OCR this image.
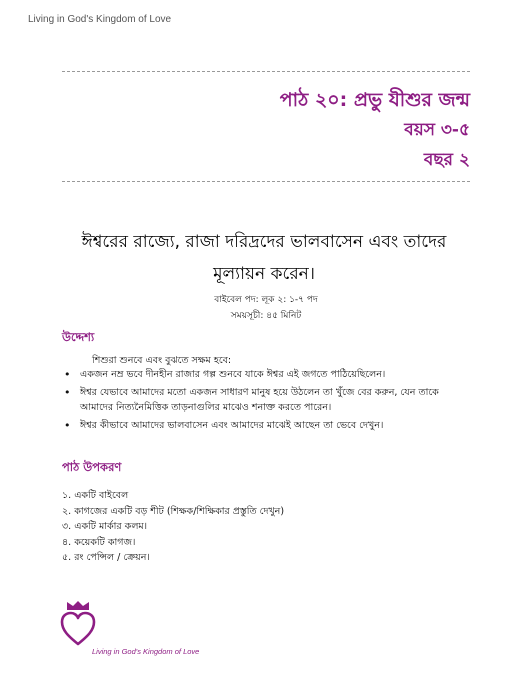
Living in God's Kingdom of Love
পাঠ ২০: প্রভু যীশুর জন্ম
বয়স ৩-৫
বছর ২
ঈশ্বরের রাজ্যে, রাজা দরিদ্রদের ভালবাসেন এবং তাদের
মূল্যায়ন করেন।
বাইবেল পদ: লূক ২: ১-৭ পদ
সময়সূচী: ৪৫ মিনিট
উদ্দেশ্য
শিশুরা শুনবে এবং বুঝতে সক্ষম হবে:
• একজন নম্র ভবে দীনহীন রাজার গল্প শুনবে যাকে ঈশ্বর এই জগতে পাঠিয়েছিলেন।
• ঈশ্বর যেভাবে আমাদের মতো একজন সাধারণ মানুষ হয়ে উঠলেন তা খুঁজে বের করুন, যেন তাকে আমাদের নিত্যনৈমিত্তিক তাড়নাগুলির মাঝেও শনাক্ত করতে পারেন।
• ঈশ্বর কীভাবে আমাদের ভালবাসেন এবং আমাদের মাঝেই আছেন তা ভেবে দেখুন।
পাঠ উপকরণ
১. একটি বাইবেল
২. কাগজের একটি বড় শীট (শিক্ষক/শিক্ষিকার প্রস্তুতি দেখুন)
৩. একটি মার্কার কলম।
৪. কয়েকটি কাগজ।
৫. রং পেন্সিল / ক্রেয়ন।
Living in God's Kingdom of Love
